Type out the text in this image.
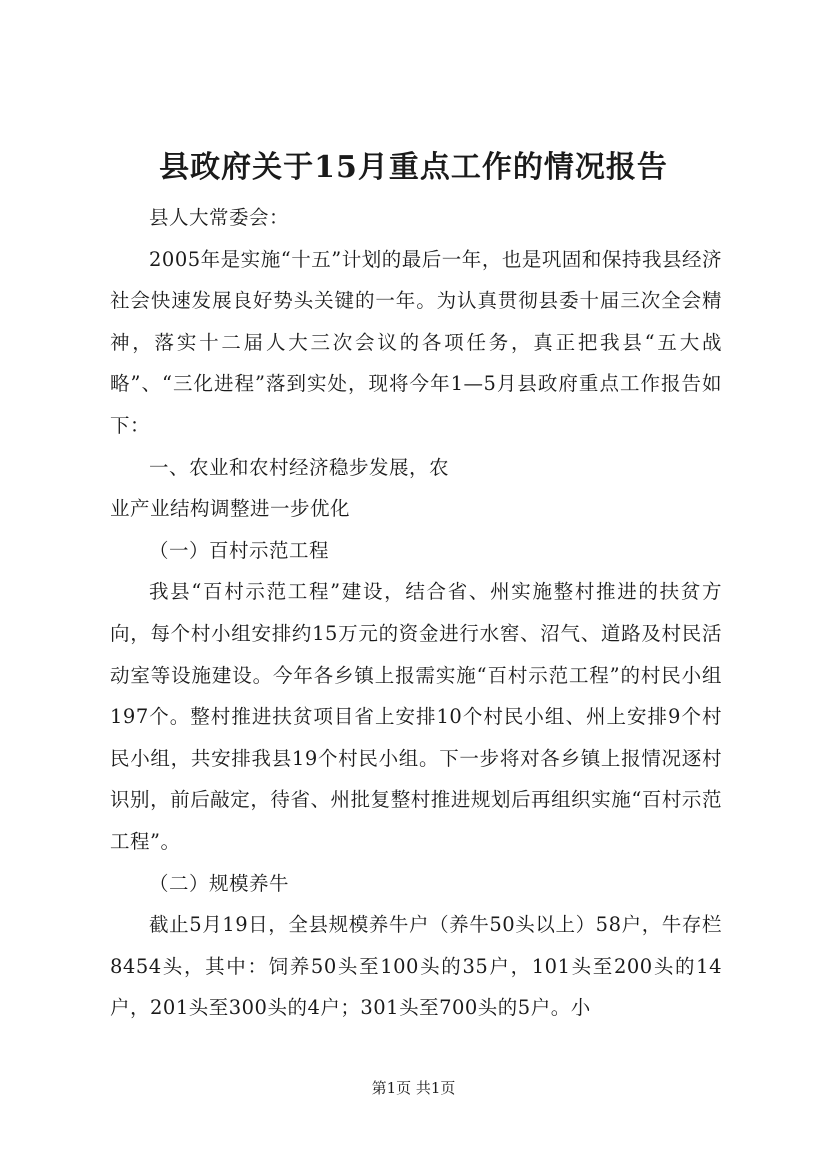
县政府关于15月重点工作的情况报告

县人大常委会：

2005年是实施“十五”计划的最后一年，也是巩固和保持我县经济社会快速发展良好势头关键的一年。为认真贯彻县委十届三次全会精神，落实十二届人大三次会议的各项任务，真正把我县“五大战略”、“三化进程”落到实处，现将今年1—5月县政府重点工作报告如下：

一、农业和农村经济稳步发展，农

业产业结构调整进一步优化

（一）百村示范工程

我县“百村示范工程”建设，结合省、州实施整村推进的扶贫方向，每个村小组安排约15万元的资金进行水窖、沼气、道路及村民活动室等设施建设。今年各乡镇上报需实施“百村示范工程”的村民小组197个。整村推进扶贫项目省上安排10个村民小组、州上安排9个村民小组，共安排我县19个村民小组。下一步将对各乡镇上报情况逐村识别，前后敲定，待省、州批复整村推进规划后再组织实施“百村示范工程”。

（二）规模养牛

截止5月19日，全县规模养牛户（养牛50头以上）58户，牛存栏8454头，其中：饲养50头至100头的35户，101头至200头的14户，201头至300头的4户；301头至700头的5户。小

第1页 共1页
